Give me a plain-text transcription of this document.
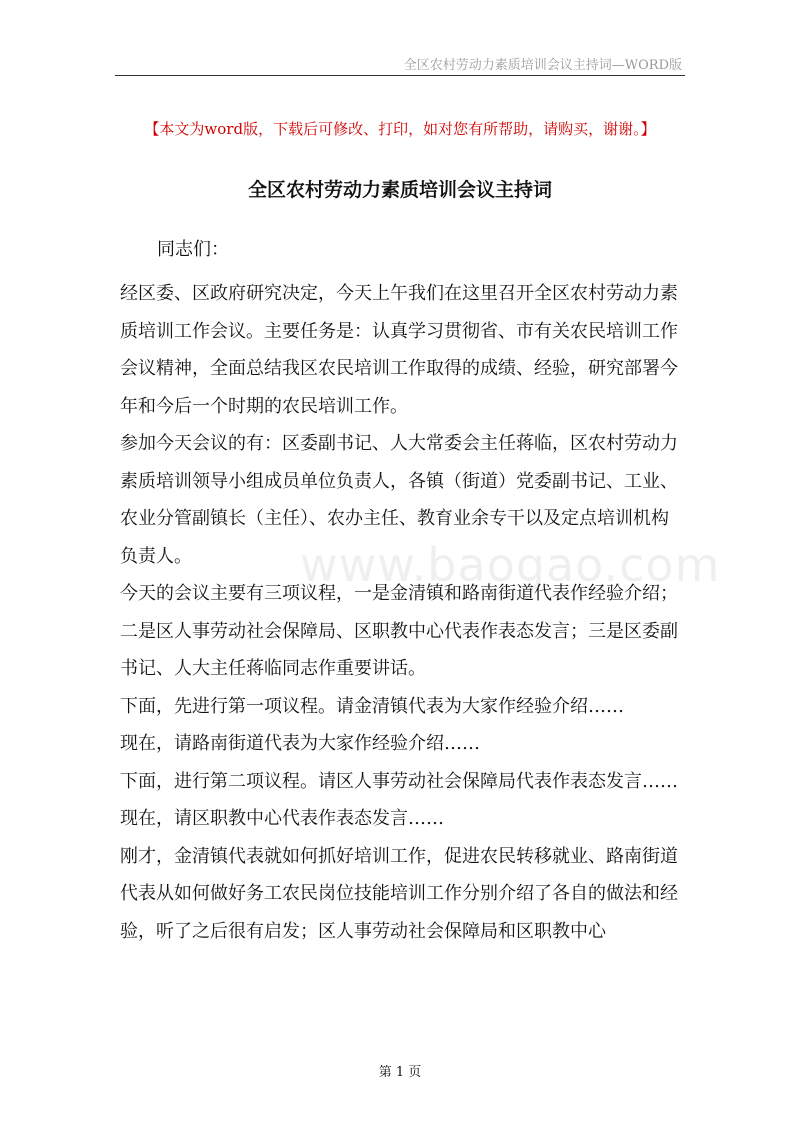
www.baogao.com
全区农村劳动力素质培训会议主持词—WORD版
【本文为word版，下载后可修改、打印，如对您有所帮助，请购买，谢谢。】
全区农村劳动力素质培训会议主持词
同志们：

经区委、区政府研究决定，今天上午我们在这里召开全区农村劳动力素质培训工作会议。主要任务是：认真学习贯彻省、市有关农民培训工作会议精神，全面总结我区农民培训工作取得的成绩、经验，研究部署今年和今后一个时期的农民培训工作。

参加今天会议的有：区委副书记、人大常委会主任蒋临，区农村劳动力素质培训领导小组成员单位负责人，各镇（街道）党委副书记、工业、农业分管副镇长（主任）、农办主任、教育业余专干以及定点培训机构负责人。

今天的会议主要有三项议程，一是金清镇和路南街道代表作经验介绍；二是区人事劳动社会保障局、区职教中心代表作表态发言；三是区委副书记、人大主任蒋临同志作重要讲话。

下面，先进行第一项议程。请金清镇代表为大家作经验介绍……

现在，请路南街道代表为大家作经验介绍……

下面，进行第二项议程。请区人事劳动社会保障局代表作表态发言……

现在，请区职教中心代表作表态发言……

刚才，金清镇代表就如何抓好培训工作，促进农民转移就业、路南街道代表从如何做好务工农民岗位技能培训工作分别介绍了各自的做法和经验，听了之后很有启发；区人事劳动社会保障局和区职教中心

第 1 页
